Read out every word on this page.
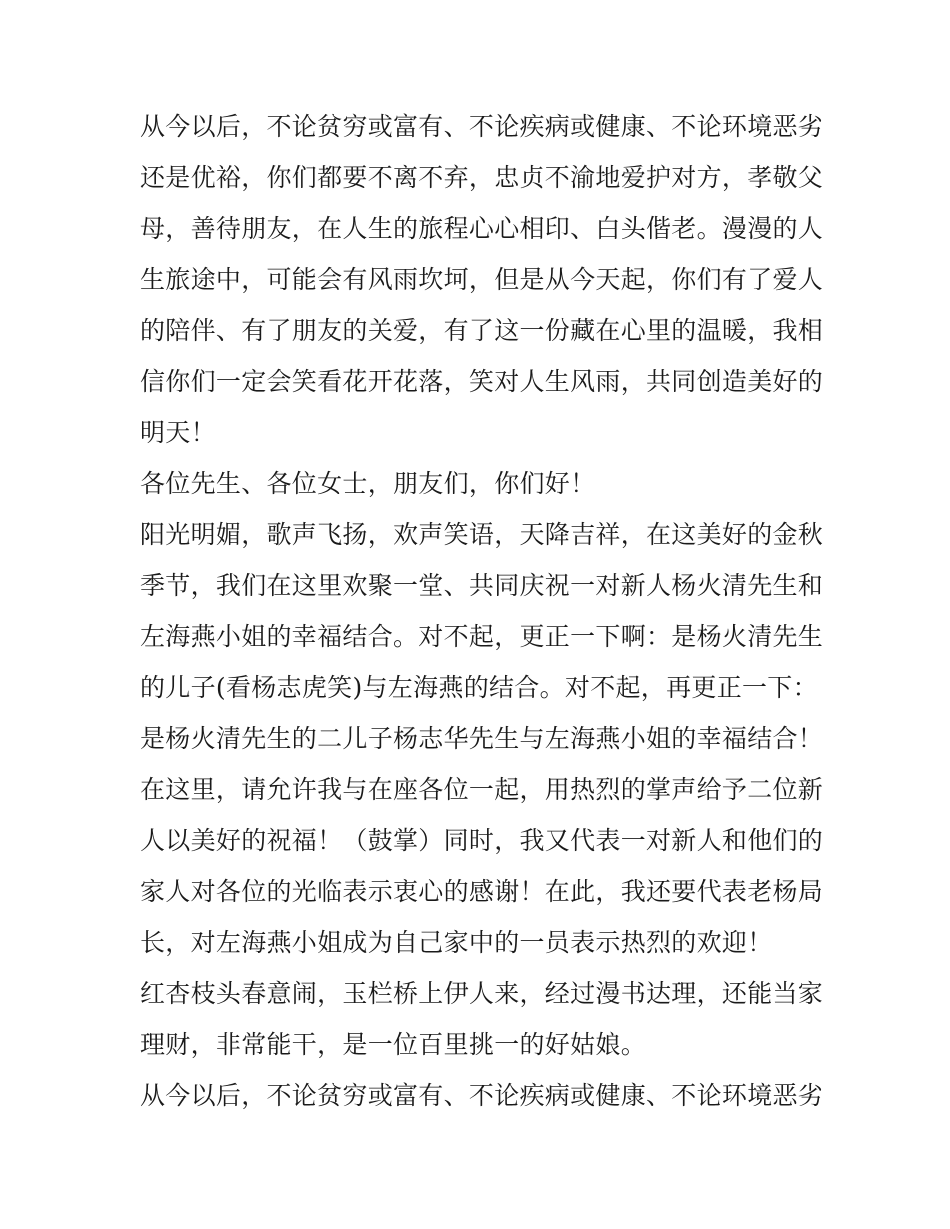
从今以后，不论贫穷或富有、不论疾病或健康、不论环境恶劣
还是优裕，你们都要不离不弃，忠贞不渝地爱护对方，孝敬父
母，善待朋友，在人生的旅程心心相印、白头偕老。漫漫的人
生旅途中，可能会有风雨坎坷，但是从今天起，你们有了爱人
的陪伴、有了朋友的关爱，有了这一份藏在心里的温暖，我相
信你们一定会笑看花开花落，笑对人生风雨，共同创造美好的
明天！
各位先生、各位女士，朋友们，你们好！
阳光明媚，歌声飞扬，欢声笑语，天降吉祥，在这美好的金秋
季节，我们在这里欢聚一堂、共同庆祝一对新人杨火清先生和
左海燕小姐的幸福结合。对不起，更正一下啊：是杨火清先生
的儿子(看杨志虎笑)与左海燕的结合。对不起，再更正一下：
是杨火清先生的二儿子杨志华先生与左海燕小姐的幸福结合！
在这里，请允许我与在座各位一起，用热烈的掌声给予二位新
人以美好的祝福！（鼓掌）同时，我又代表一对新人和他们的
家人对各位的光临表示衷心的感谢！在此，我还要代表老杨局
长，对左海燕小姐成为自己家中的一员表示热烈的欢迎！
红杏枝头春意闹，玉栏桥上伊人来，经过漫书达理，还能当家
理财，非常能干，是一位百里挑一的好姑娘。
从今以后，不论贫穷或富有、不论疾病或健康、不论环境恶劣
